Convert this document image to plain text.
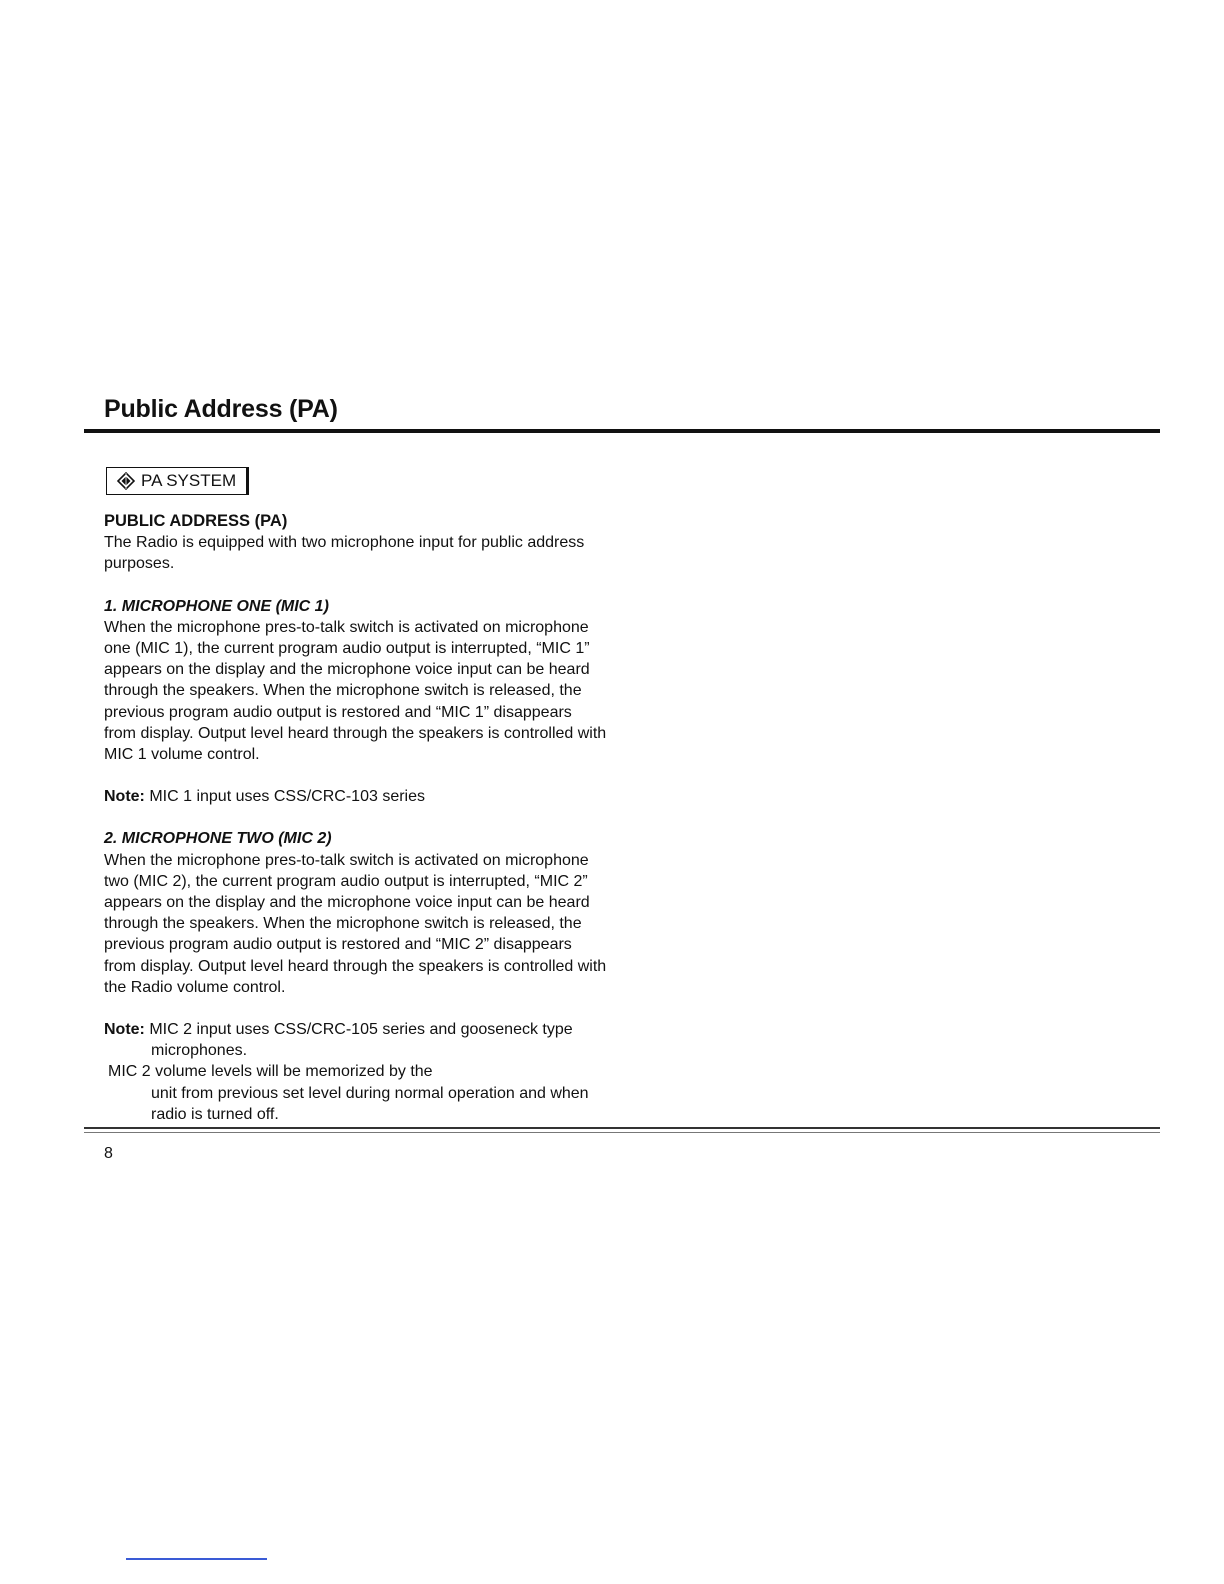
Public Address (PA)
PA SYSTEM

PUBLIC ADDRESS (PA)

The Radio is equipped with two microphone input for public address

purposes.

1. MICROPHONE ONE (MIC 1)

When the microphone pres-to-talk switch is activated on microphone

one (MIC 1), the current program audio output is interrupted, “MIC 1”

appears on the display and the microphone voice input can be heard

through the speakers. When the microphone switch is released, the

previous program audio output is restored and “MIC 1” disappears

from display. Output level heard through the speakers is controlled with

MIC 1 volume control.

Note: MIC 1 input uses CSS/CRC-103 series

2. MICROPHONE TWO (MIC 2)

When the microphone pres-to-talk switch is activated on microphone

two (MIC 2), the current program audio output is interrupted, “MIC 2”

appears on the display and the microphone voice input can be heard

through the speakers. When the microphone switch is released, the

previous program audio output is restored and “MIC 2” disappears

from display. Output level heard through the speakers is controlled with

the Radio volume control.

Note: MIC 2 input uses CSS/CRC-105 series and gooseneck type

microphones.

MIC 2 volume levels will be memorized by the

unit from previous set level during normal operation and when

radio is turned off.

8
